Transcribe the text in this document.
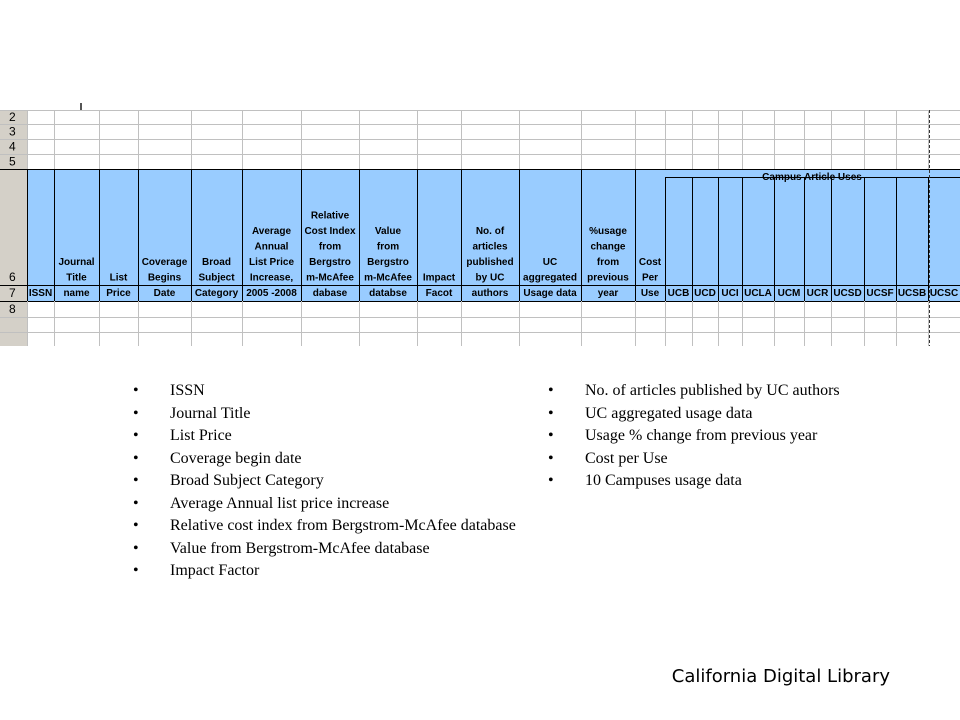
2
3
4
5
6
7
8
Campus Article Uses
ISSN
Journal
Title
name
List
Price
Coverage
Begins
Date
Broad
Subject
Category
Average
Annual
List Price
Increase,
2005 -2008
Relative
Cost Index
from
Bergstro
m-McAfee
dabase
Value
from
Bergstro
m-McAfee
databse
Impact
Facot
No. of
articles
published
by UC
authors
UC
aggregated
Usage data
%usage
change
from
previous
year
Cost
Per
Use UCB UCD UCI UCLA UCM UCR UCSD UCSF UCSB UCSC
• ISSN
• Journal Title
• List Price
• Coverage begin date
• Broad Subject Category
• Average Annual list price increase
• Relative cost index from Bergstrom-McAfee database
• Value from Bergstrom-McAfee database
• Impact Factor
• No. of articles published by UC authors
• UC aggregated usage data
• Usage % change from previous year
• Cost per Use
• 10 Campuses usage data
California Digital Library
